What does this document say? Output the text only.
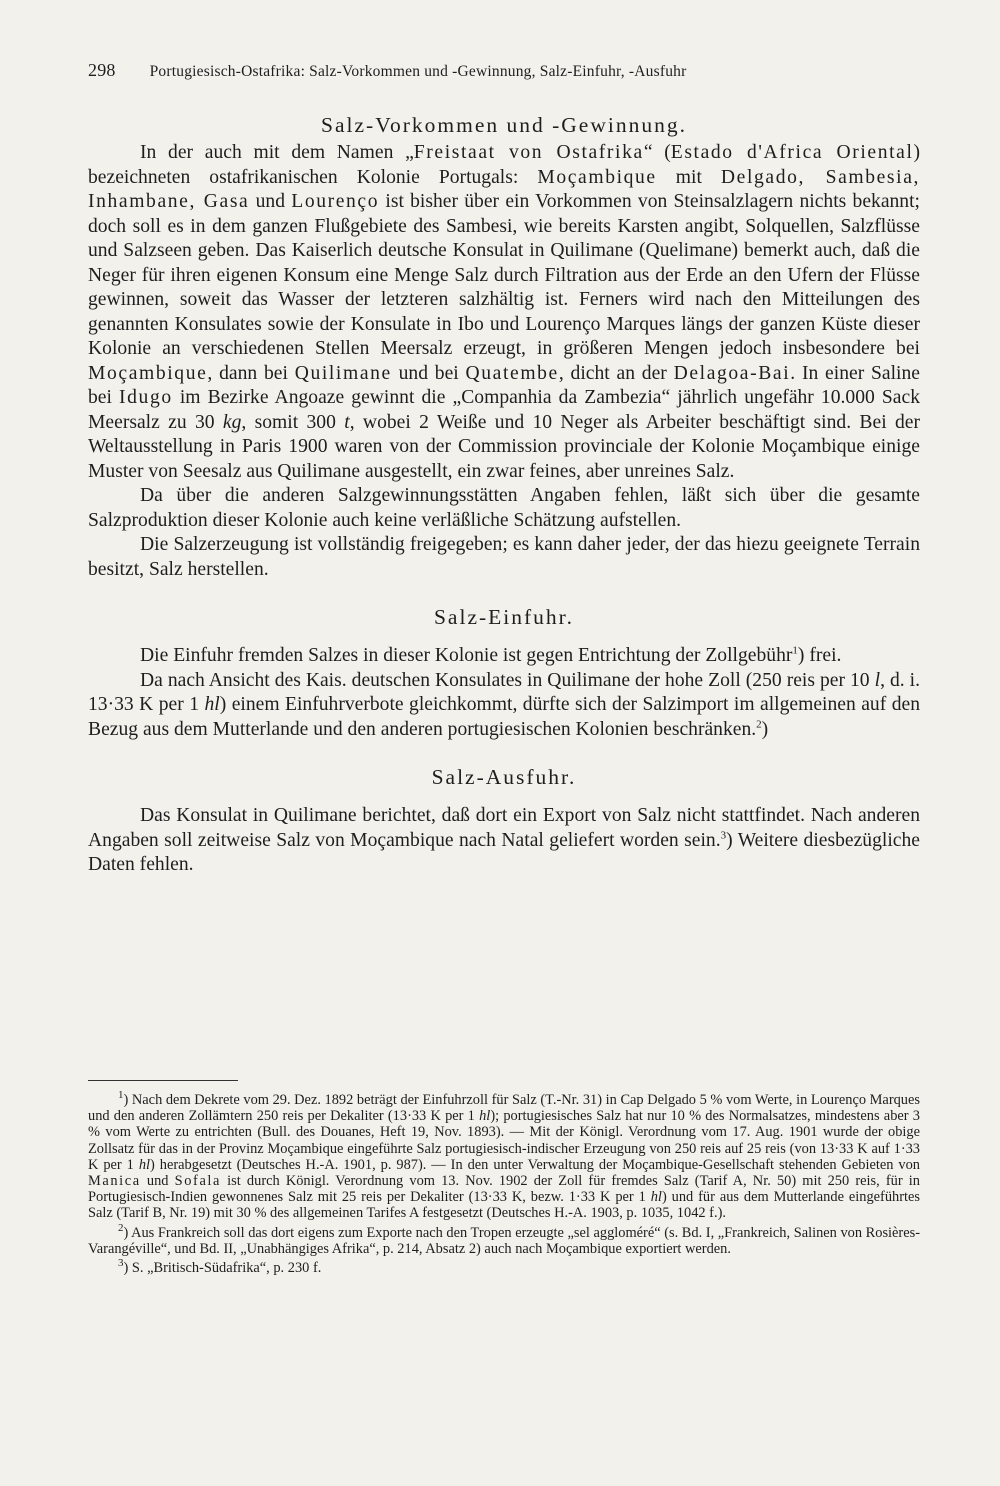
298 Portugiesisch-Ostafrika: Salz-Vorkommen und -Gewinnung, Salz-Einfuhr, -Ausfuhr
Salz-Vorkommen und -Gewinnung.

In der auch mit dem Namen „Freistaat von Ostafrika“ (Estado d'Africa Oriental) bezeichneten ostafrikanischen Kolonie Portugals: Moçambique mit Delgado, Sambesia, Inhambane, Gasa und Lourenço ist bisher über ein Vorkommen von Steinsalzlagern nichts bekannt; doch soll es in dem ganzen Flußgebiete des Sambesi, wie bereits Karsten angibt, Solquellen, Salzflüsse und Salzseen geben. Das Kaiserlich deutsche Konsulat in Quilimane (Quelimane) bemerkt auch, daß die Neger für ihren eigenen Konsum eine Menge Salz durch Filtration aus der Erde an den Ufern der Flüsse gewinnen, soweit das Wasser der letzteren salzhältig ist. Ferners wird nach den Mitteilungen des genannten Konsulates sowie der Konsulate in Ibo und Lourenço Marques längs der ganzen Küste dieser Kolonie an verschiedenen Stellen Meersalz erzeugt, in größeren Mengen jedoch insbesondere bei Moçambique, dann bei Quilimane und bei Quatembe, dicht an der Delagoa-Bai. In einer Saline bei Idugo im Bezirke Angoaze gewinnt die „Companhia da Zambezia“ jährlich ungefähr 10.000 Sack Meersalz zu 30 kg, somit 300 t, wobei 2 Weiße und 10 Neger als Arbeiter beschäftigt sind. Bei der Weltausstellung in Paris 1900 waren von der Commission provinciale der Kolonie Moçambique einige Muster von Seesalz aus Quilimane ausgestellt, ein zwar feines, aber unreines Salz.

Da über die anderen Salzgewinnungsstätten Angaben fehlen, läßt sich über die gesamte Salzproduktion dieser Kolonie auch keine verläßliche Schätzung aufstellen.

Die Salzerzeugung ist vollständig freigegeben; es kann daher jeder, der das hiezu geeignete Terrain besitzt, Salz herstellen.

Salz-Einfuhr.

Die Einfuhr fremden Salzes in dieser Kolonie ist gegen Entrichtung der Zollgebühr$^1$) frei.

Da nach Ansicht des Kais. deutschen Konsulates in Quilimane der hohe Zoll (250 reis per 10 l, d. i. 13·33 K per 1 hl) einem Einfuhrverbote gleichkommt, dürfte sich der Salzimport im allgemeinen auf den Bezug aus dem Mutterlande und den anderen portugiesischen Kolonien beschränken.$^2$)

Salz-Ausfuhr.

Das Konsulat in Quilimane berichtet, daß dort ein Export von Salz nicht stattfindet. Nach anderen Angaben soll zeitweise Salz von Moçambique nach Natal geliefert worden sein.$^3$) Weitere diesbezügliche Daten fehlen.

$^1$) Nach dem Dekrete vom 29. Dez. 1892 beträgt der Einfuhrzoll für Salz (T.-Nr. 31) in Cap Delgado 5 % vom Werte, in Lourenço Marques und den anderen Zollämtern 250 reis per Dekaliter (13·33 K per 1 hl); portugiesisches Salz hat nur 10 % des Normalsatzes, mindestens aber 3 % vom Werte zu entrichten (Bull. des Douanes, Heft 19, Nov. 1893). — Mit der Königl. Verordnung vom 17. Aug. 1901 wurde der obige Zollsatz für das in der Provinz Moçambique eingeführte Salz portugiesisch-indischer Erzeugung von 250 reis auf 25 reis (von 13·33 K auf 1·33 K per 1 hl) herabgesetzt (Deutsches H.-A. 1901, p. 987). — In den unter Verwaltung der Moçambique-Gesellschaft stehenden Gebieten von Manica und Sofala ist durch Königl. Verordnung vom 13. Nov. 1902 der Zoll für fremdes Salz (Tarif A, Nr. 50) mit 250 reis, für in Portugiesisch-Indien gewonnenes Salz mit 25 reis per Dekaliter (13·33 K, bezw. 1·33 K per 1 hl) und für aus dem Mutterlande eingeführtes Salz (Tarif B, Nr. 19) mit 30 % des allgemeinen Tarifes A festgesetzt (Deutsches H.-A. 1903, p. 1035, 1042 f.).

$^2$) Aus Frankreich soll das dort eigens zum Exporte nach den Tropen erzeugte „sel aggloméré“ (s. Bd. I, „Frankreich, Salinen von Rosières-Varangéville“, und Bd. II, „Unabhängiges Afrika“, p. 214, Absatz 2) auch nach Moçambique exportiert werden.

$^3$) S. „Britisch-Südafrika“, p. 230 f.
